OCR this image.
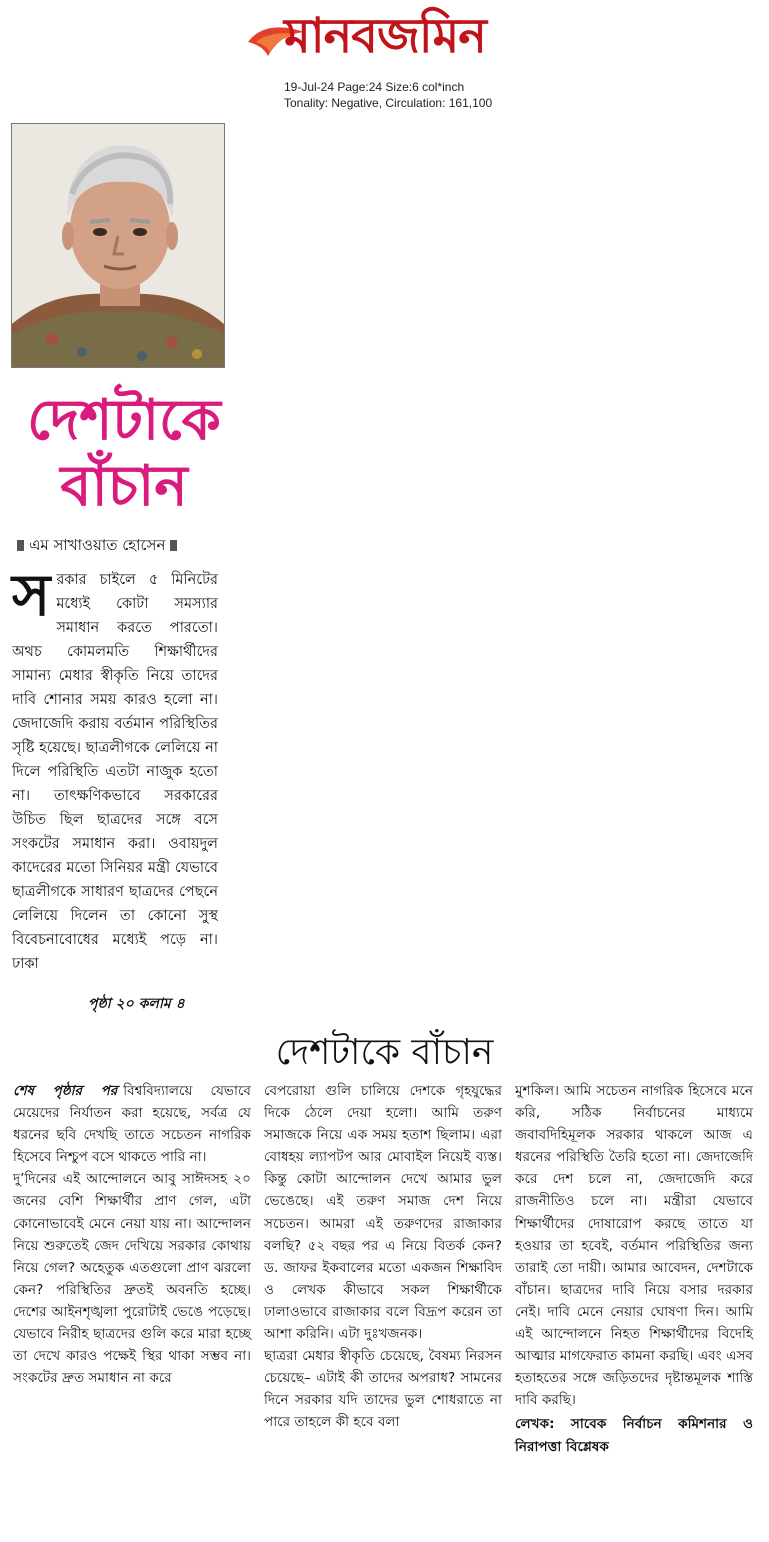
মানবজমিন
19-Jul-24 Page:24 Size:6 col*inch
Tonality: Negative, Circulation: 161,100
দেশটাকে
বাঁচান
এম সাখাওয়াত হোসেন
সরকার চাইলে ৫ মিনিটের মধ্যেই কোটা সমস্যার সমাধান করতে পারতো। অথচ কোমলমতি শিক্ষার্থীদের সামান্য মেধার স্বীকৃতি নিয়ে তাদের দাবি শোনার সময় কারও হলো না। জেদাজেদি করায় বর্তমান পরিস্থিতির সৃষ্টি হয়েছে। ছাত্রলীগকে লেলিয়ে না দিলে পরিস্থিতি এতটা নাজুক হতো না। তাৎক্ষণিকভাবে সরকারের উচিত ছিল ছাত্রদের সঙ্গে বসে সংকটের সমাধান করা। ওবায়দুল কাদেরের মতো সিনিয়র মন্ত্রী যেভাবে ছাত্রলীগকে সাধারণ ছাত্রদের পেছনে লেলিয়ে দিলেন তা কোনো সুস্থ বিবেচনাবোধের মধ্যেই পড়ে না। ঢাকা
পৃষ্ঠা ২০ কলাম ৪
দেশটাকে বাঁচান

শেষ পৃষ্ঠার পর বিশ্ববিদ্যালয়ে যেভাবে মেয়েদের নির্যাতন করা হয়েছে, সর্বত্র যে ধরনের ছবি দেখছি তাতে সচেতন নাগরিক হিসেবে নিশ্চুপ বসে থাকতে পারি না।

দু’দিনের এই আন্দোলনে আবু সাঈদসহ ২০ জনের বেশি শিক্ষার্থীর প্রাণ গেল, এটা কোনোভাবেই মেনে নেয়া যায় না। আন্দোলন নিয়ে শুরুতেই জেদ দেখিয়ে সরকার কোথায় নিয়ে গেল? অহেতুক এতগুলো প্রাণ ঝরলো কেন? পরিস্থিতির দ্রুতই অবনতি হচ্ছে। দেশের আইনশৃঙ্খলা পুরোটাই ভেঙে পড়েছে। যেভাবে নিরীহ ছাত্রদের গুলি করে মারা হচ্ছে তা দেখে কারও পক্ষেই স্থির থাকা সম্ভব না। সংকটের দ্রুত সমাধান না করে

বেপরোয়া গুলি চালিয়ে দেশকে গৃহযুদ্ধের দিকে ঠেলে দেয়া হলো। আমি তরুণ সমাজকে নিয়ে এক সময় হতাশ ছিলাম। এরা বোধহয় ল্যাপটপ আর মোবাইল নিয়েই ব্যস্ত। কিন্তু কোটা আন্দোলন দেখে আমার ভুল ভেঙেছে। এই তরুণ সমাজ দেশ নিয়ে সচেতন। আমরা এই তরুণদের রাজাকার বলছি? ৫২ বছর পর এ নিয়ে বিতর্ক কেন? ড. জাফর ইকবালের মতো একজন শিক্ষাবিদ ও লেখক কীভাবে সকল শিক্ষার্থীকে ঢালাওভাবে রাজাকার বলে বিদ্রূপ করেন তা আশা করিনি। এটা দুঃখজনক।

ছাত্ররা মেধার স্বীকৃতি চেয়েছে, বৈষম্য নিরসন চেয়েছে– এটাই কী তাদের অপরাধ? সামনের দিনে সরকার যদি তাদের ভুল শোধরাতে না পারে তাহলে কী হবে বলা

মুশকিল। আমি সচেতন নাগরিক হিসেবে মনে করি, সঠিক নির্বাচনের মাধ্যমে জবাবদিহিমূলক সরকার থাকলে আজ এ ধরনের পরিস্থিতি তৈরি হতো না। জেদাজেদি করে দেশ চলে না, জেদাজেদি করে রাজনীতিও চলে না। মন্ত্রীরা যেভাবে শিক্ষার্থীদের দোষারোপ করছে তাতে যা হওয়ার তা হবেই, বর্তমান পরিস্থিতির জন্য তারাই তো দায়ী। আমার আবেদন, দেশটাকে বাঁচান। ছাত্রদের দাবি নিয়ে বসার দরকার নেই। দাবি মেনে নেয়ার ঘোষণা দিন। আমি এই আন্দোলনে নিহত শিক্ষার্থীদের বিদেহি আত্মার মাগফেরাত কামনা করছি। এবং এসব হতাহতের সঙ্গে জড়িতদের দৃষ্টান্তমূলক শাস্তি দাবি করছি।

লেখক: সাবেক নির্বাচন কমিশনার ও নিরাপত্তা বিশ্লেষক
